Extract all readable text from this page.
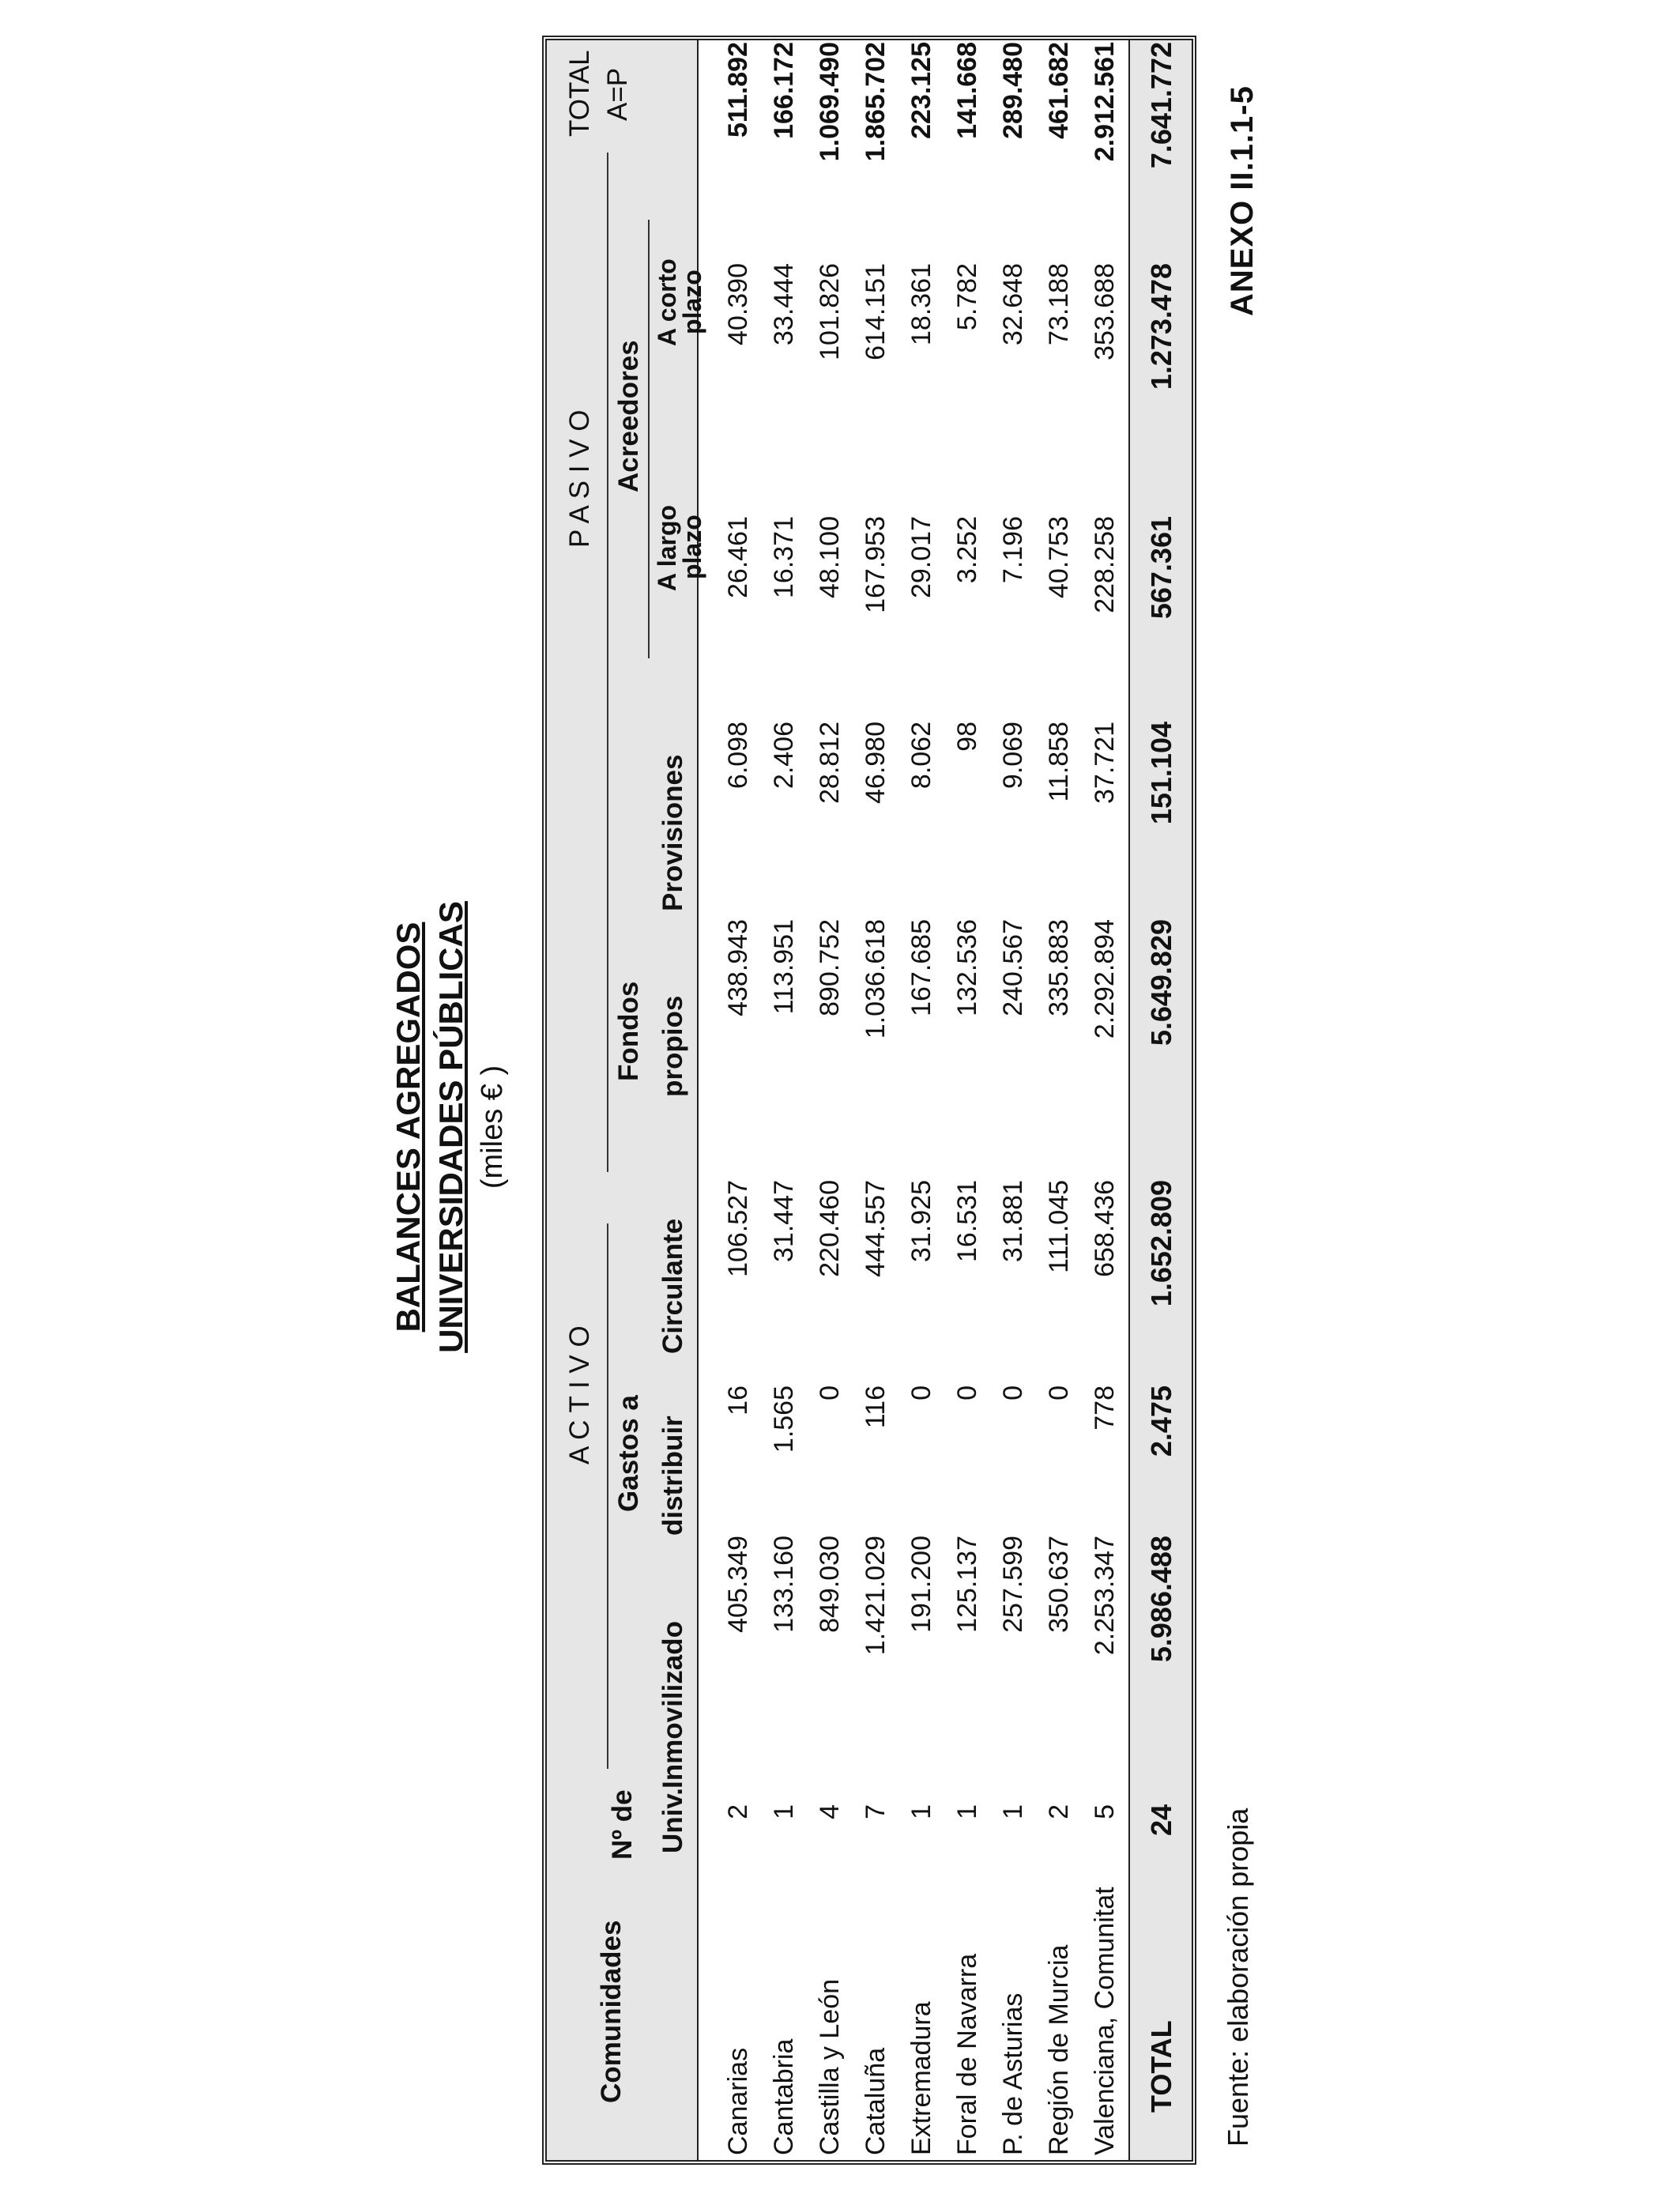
ANEXO II.1.1-5
BALANCES AGREGADOS UNIVERSIDADES PÚBLICAS (miles € )
Comunidades
Nº de Univ.
A C T I V O
P A S I V O
Inmovilizado
Gastos a distribuir
Circulante
Fondos propios
Provisiones
Acreedores
A largo
plazo
A corto
plazo
TOTAL A=P
Canarias
2
405.349
16
106.527
438.943
6.098
26.461
40.390
511.892
Cantabria
1
133.160
1.565
31.447
113.951
2.406
16.371
33.444
166.172
Castilla y León
4
849.030
0
220.460
890.752
28.812
48.100
101.826
1.069.490
Cataluña
7
1.421.029
116
444.557
1.036.618
46.980
167.953
614.151
1.865.702
Extremadura
1
191.200
0
31.925
167.685
8.062
29.017
18.361
223.125
Foral de Navarra
1
125.137
0
16.531
132.536
98
3.252
5.782
141.668
P. de Asturias
1
257.599
0
31.881
240.567
9.069
7.196
32.648
289.480
Región de Murcia
2
350.637
0
111.045
335.883
11.858
40.753
73.188
461.682
Valenciana, Comunitat
5
2.253.347
778
658.436
2.292.894
37.721
228.258
353.688
2.912.561
TOTAL
24
5.986.488
2.475
1.652.809
5.649.829
151.104
567.361
1.273.478
7.641.772
Fuente: elaboración propia
